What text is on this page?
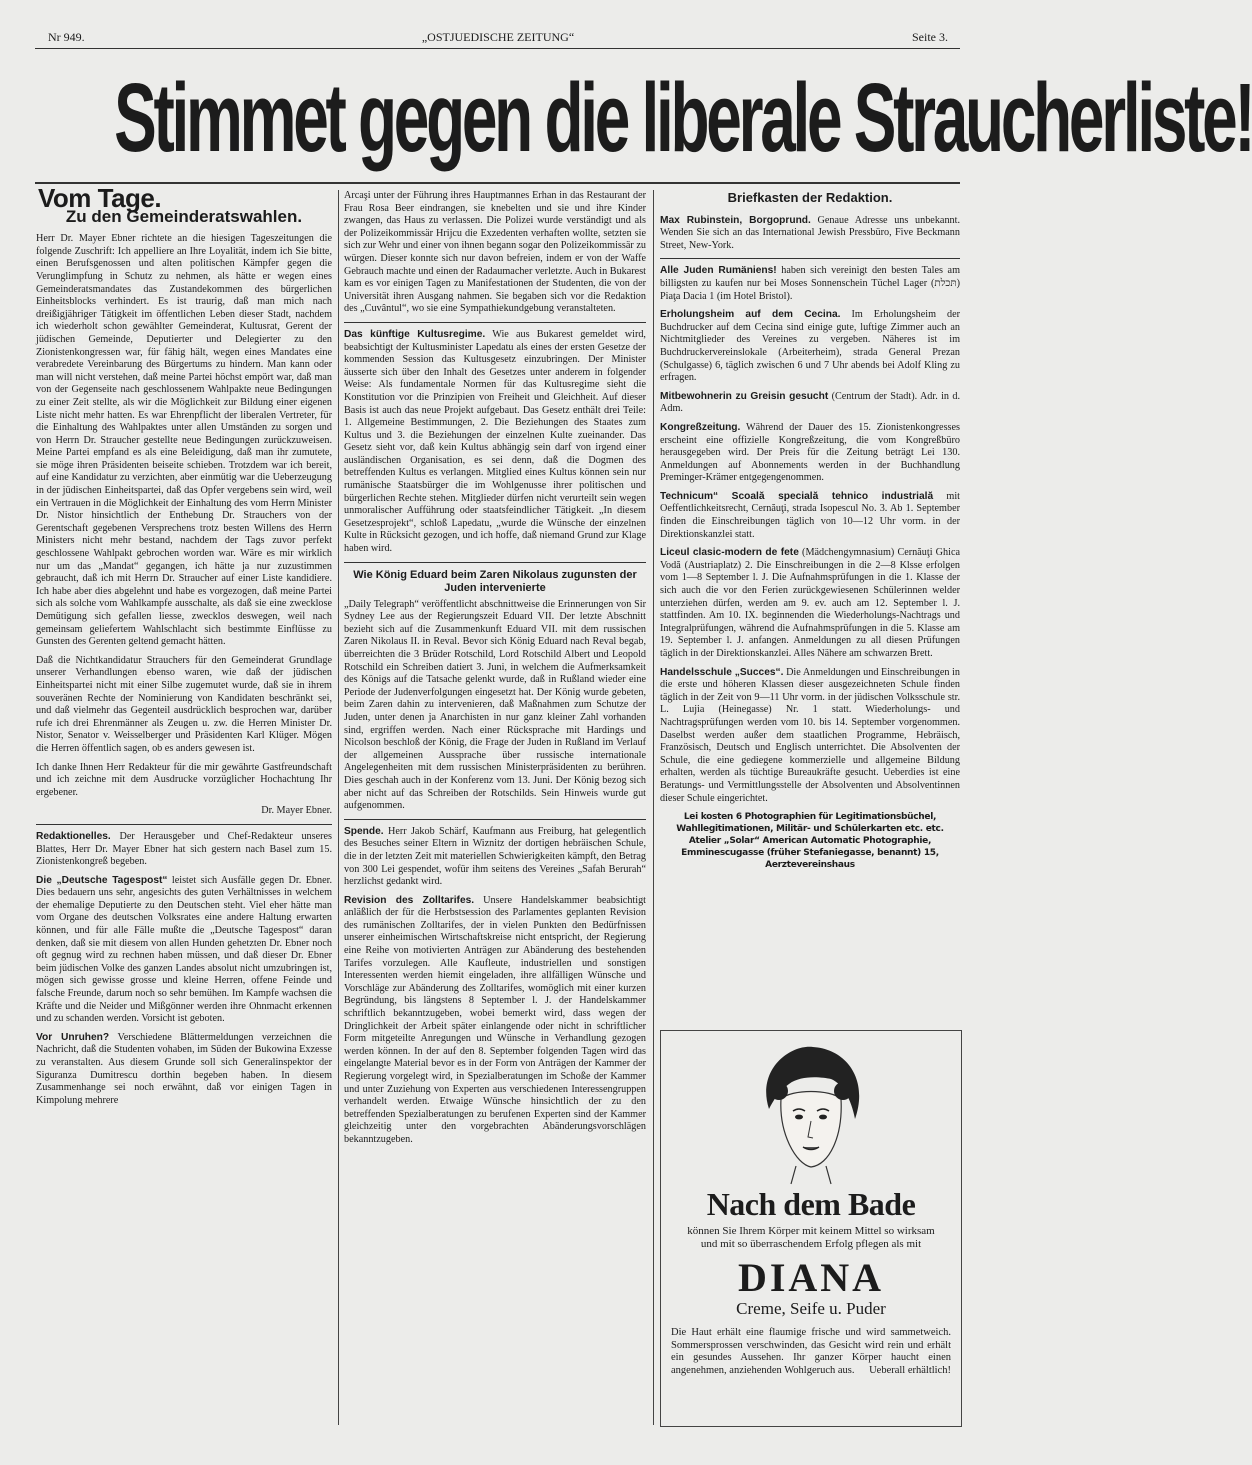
Nr 949.	„OSTJUEDISCHE ZEITUNG“	Seite 3.
Stimmet gegen die liberale Straucherliste!
Vom Tage.
Zu den Gemeinderatswahlen.

Herr Dr. Mayer Ebner richtete an die hiesigen Tageszeitungen die folgende Zuschrift: Ich appelliere an Ihre Loyalität, indem ich Sie bitte, einen Berufsgenossen und alten politischen Kämpfer gegen die Verunglimpfung in Schutz zu nehmen, als hätte er wegen eines Gemeinderatsmandates das Zustandekommen des bürgerlichen Einheitsblocks verhindert. Es ist traurig, daß man mich nach dreißigjähriger Tätigkeit im öffentlichen Leben dieser Stadt, nachdem ich wiederholt schon gewählter Gemeinderat, Kultusrat, Gerent der jüdischen Gemeinde, Deputierter und Delegierter zu den Zionistenkongressen war, für fähig hält, wegen eines Mandates eine verabredete Vereinbarung des Bürgertums zu hindern. Man kann oder man will nicht verstehen, daß meine Partei höchst empört war, daß man von der Gegenseite nach geschlossenem Wahlpakte neue Bedingungen zu einer Zeit stellte, als wir die Möglichkeit zur Bildung einer eigenen Liste nicht mehr hatten. Es war Ehrenpflicht der liberalen Vertreter, für die Einhaltung des Wahlpaktes unter allen Umständen zu sorgen und von Herrn Dr. Straucher gestellte neue Bedingungen zurückzuweisen. Meine Partei empfand es als eine Beleidigung, daß man ihr zumutete, sie möge ihren Präsidenten beiseite schieben. Trotzdem war ich bereit, auf eine Kandidatur zu verzichten, aber einmütig war die Ueberzeugung in der jüdischen Einheitspartei, daß das Opfer vergebens sein wird, weil ein Vertrauen in die Möglichkeit der Einhaltung des vom Herrn Minister Dr. Nistor hinsichtlich der Enthebung Dr. Strauchers von der Gerentschaft gegebenen Versprechens trotz besten Willens des Herrn Ministers nicht mehr bestand, nachdem der Tags zuvor perfekt geschlossene Wahlpakt gebrochen worden war. Wäre es mir wirklich nur um das „Mandat“ gegangen, ich hätte ja nur zuzustimmen gebraucht, daß ich mit Herrn Dr. Straucher auf einer Liste kandidiere. Ich habe aber dies abgelehnt und habe es vorgezogen, daß meine Partei sich als solche vom Wahlkampfe ausschalte, als daß sie eine zwecklose Demütigung sich gefallen liesse, zwecklos deswegen, weil nach gemeinsam geliefertem Wahlschlacht sich bestimmte Einflüsse zu Gunsten des Gerenten geltend gemacht hätten.

Daß die Nichtkandidatur Strauchers für den Gemeinderat Grundlage unserer Verhandlungen ebenso waren, wie daß der jüdischen Einheitspartei nicht mit einer Silbe zugemutet wurde, daß sie in ihrem souveränen Rechte der Nominierung von Kandidaten beschränkt sei, und daß vielmehr das Gegenteil ausdrücklich besprochen war, darüber rufe ich drei Ehrenmänner als Zeugen u. zw. die Herren Minister Dr. Nistor, Senator v. Weisselberger und Präsidenten Karl Klüger. Mögen die Herren öffentlich sagen, ob es anders gewesen ist.

Ich danke Ihnen Herr Redakteur für die mir gewährte Gastfreundschaft und ich zeichne mit dem Ausdrucke vorzüglicher Hochachtung Ihr ergebener.

Dr. Mayer Ebner.

Redaktionelles. Der Herausgeber und Chef-Redakteur unseres Blattes, Herr Dr. Mayer Ebner hat sich gestern nach Basel zum 15. Zionistenkongreß begeben.

Die „Deutsche Tagespost“ leistet sich Ausfälle gegen Dr. Ebner. Dies bedauern uns sehr, angesichts des guten Verhältnisses in welchem der ehemalige Deputierte zu den Deutschen steht. Viel eher hätte man vom Organe des deutschen Volksrates eine andere Haltung erwarten können, und für alle Fälle mußte die „Deutsche Tagespost“ daran denken, daß sie mit diesem von allen Hunden gehetzten Dr. Ebner noch oft gegnug wird zu rechnen haben müssen, und daß dieser Dr. Ebner beim jüdischen Volke des ganzen Landes absolut nicht umzubringen ist, mögen sich gewisse grosse und kleine Herren, offene Feinde und falsche Freunde, darum noch so sehr bemühen. Im Kampfe wachsen die Kräfte und die Neider und Mißgönner werden ihre Ohnmacht erkennen und zu schanden werden. Vorsicht ist geboten.

Vor Unruhen? Verschiedene Blättermeldungen verzeichnen die Nachricht, daß die Studenten vohaben, im Süden der Bukowina Exzesse zu veranstalten. Aus diesem Grunde soll sich Generalinspektor der Siguranza Dumitrescu dorthin begeben haben. In diesem Zusammenhange sei noch erwähnt, daß vor einigen Tagen in Kimpolung mehrere

Arcaşi unter der Führung ihres Hauptmannes Erhan in das Restaurant der Frau Rosa Beer eindrangen, sie knebelten und sie und ihre Kinder zwangen, das Haus zu verlassen. Die Polizei wurde verständigt und als der Polizeikommissär Hrijcu die Exzedenten verhaften wollte, setzten sie sich zur Wehr und einer von ihnen begann sogar den Polizeikommissär zu würgen. Dieser konnte sich nur davon befreien, indem er von der Waffe Gebrauch machte und einen der Radaumacher verletzte. Auch in Bukarest kam es vor einigen Tagen zu Manifestationen der Studenten, die von der Universität ihren Ausgang nahmen. Sie begaben sich vor die Redaktion des „Cuvântul“, wo sie eine Sympathiekundgebung veranstalteten.

Das künftige Kultusregime. Wie aus Bukarest gemeldet wird, beabsichtigt der Kultusminister Lapedatu als eines der ersten Gesetze der kommenden Session das Kultusgesetz einzubringen. Der Minister äusserte sich über den Inhalt des Gesetzes unter anderem in folgender Weise: Als fundamentale Normen für das Kultusregime sieht die Konstitution vor die Prinzipien von Freiheit und Gleichheit. Auf dieser Basis ist auch das neue Projekt aufgebaut. Das Gesetz enthält drei Teile: 1. Allgemeine Bestimmungen, 2. Die Beziehungen des Staates zum Kultus und 3. die Beziehungen der einzelnen Kulte zueinander. Das Gesetz sieht vor, daß kein Kultus abhängig sein darf von irgend einer ausländischen Organisation, es sei denn, daß die Dogmen des betreffenden Kultus es verlangen. Mitglied eines Kultus können sein nur rumänische Staatsbürger die im Wohlgenusse ihrer politischen und bürgerlichen Rechte stehen. Mitglieder dürfen nicht verurteilt sein wegen unmoralischer Aufführung oder staatsfeindlicher Tätigkeit. „In diesem Gesetzesprojekt“, schloß Lapedatu, „wurde die Wünsche der einzelnen Kulte in Rücksicht gezogen, und ich hoffe, daß niemand Grund zur Klage haben wird.

Wie König Eduard beim Zaren Nikolaus zugunsten der Juden intervenierte

„Daily Telegraph“ veröffentlicht abschnittweise die Erinnerungen von Sir Sydney Lee aus der Regierungszeit Eduard VII. Der letzte Abschnitt bezieht sich auf die Zusammenkunft Eduard VII. mit dem russischen Zaren Nikolaus II. in Reval. Bevor sich König Eduard nach Reval begab, überreichten die 3 Brüder Rotschild, Lord Rotschild Albert und Leopold Rotschild ein Schreiben datiert 3. Juni, in welchem die Aufmerksamkeit des Königs auf die Tatsache gelenkt wurde, daß in Rußland wieder eine Periode der Judenverfolgungen eingesetzt hat. Der König wurde gebeten, beim Zaren dahin zu intervenieren, daß Maßnahmen zum Schutze der Juden, unter denen ja Anarchisten in nur ganz kleiner Zahl vorhanden sind, ergriffen werden. Nach einer Rücksprache mit Hardings und Nicolson beschloß der König, die Frage der Juden in Rußland im Verlauf der allgemeinen Aussprache über russische internationale Angelegenheiten mit dem russischen Ministerpräsidenten zu berühren. Dies geschah auch in der Konferenz vom 13. Juni. Der König bezog sich aber nicht auf das Schreiben der Rotschilds. Sein Hinweis wurde gut aufgenommen.

Spende. Herr Jakob Schärf, Kaufmann aus Freiburg, hat gelegentlich des Besuches seiner Eltern in Wiznitz der dortigen hebräischen Schule, die in der letzten Zeit mit materiellen Schwierigkeiten kämpft, den Betrag von 300 Lei gespendet, wofür ihm seitens des Vereines „Safah Berurah“ herzlichst gedankt wird.

Revision des Zolltarifes. Unsere Handelskammer beabsichtigt anläßlich der für die Herbstsession des Parlamentes geplanten Revision des rumänischen Zolltarifes, der in vielen Punkten den Bedürfnissen unserer einheimischen Wirtschaftskreise nicht entspricht, der Regierung eine Reihe von motivierten Anträgen zur Abänderung des bestehenden Tarifes vorzulegen. Alle Kaufleute, industriellen und sonstigen Interessenten werden hiemit eingeladen, ihre allfälligen Wünsche und Vorschläge zur Abänderung des Zolltarifes, womöglich mit einer kurzen Begründung, bis längstens 8 September l. J. der Handelskammer schriftlich bekanntzugeben, wobei bemerkt wird, dass wegen der Dringlichkeit der Arbeit später einlangende oder nicht in schriftlicher Form mitgeteilte Anregungen und Wünsche in Verhandlung gezogen werden können. In der auf den 8. September folgenden Tagen wird das eingelangte Material bevor es in der Form von Anträgen der Kammer der Regierung vorgelegt wird, in Spezialberatungen im Schoße der Kammer und unter Zuziehung von Experten aus verschiedenen Interessengruppen verhandelt werden. Etwaige Wünsche hinsichtlich der zu den betreffenden Spezialberatungen zu berufenen Experten sind der Kammer gleichzeitig unter den vorgebrachten Abänderungsvorschlägen bekanntzugeben.

Briefkasten der Redaktion.

Max Rubinstein, Borgoprund. Genaue Adresse uns unbekannt. Wenden Sie sich an das International Jewish Pressbüro, Five Beckmann Street, New-York.

Alle Juden Rumäniens! haben sich vereinigt den besten Tales am billigsten zu kaufen nur bei Moses Sonnenschein Tüchel Lager (תּכלת) Piaţa Dacia 1 (im Hotel Bristol).

Erholungsheim auf dem Cecina. Im Erholungsheim der Buchdrucker auf dem Cecina sind einige gute, luftige Zimmer auch an Nichtmitglieder des Vereines zu vergeben. Näheres ist im Buchdruckervereinslokale (Arbeiterheim), strada General Prezan (Schulgasse) 6, täglich zwischen 6 und 7 Uhr abends bei Adolf Kling zu erfragen.

Mitbewohnerin zu Greisin gesucht (Centrum der Stadt). Adr. in d. Adm.

Kongreßzeitung. Während der Dauer des 15. Zionistenkongresses erscheint eine offizielle Kongreßzeitung, die vom Kongreßbüro herausgegeben wird. Der Preis für die Zeitung beträgt Lei 130. Anmeldungen auf Abonnements werden in der Buchhandlung Preminger-Krämer entgegengenommen.

Technicum“ Scoală specială tehnico industrială mit Oeffentlichkeitsrecht, Cernăuţi, strada Isopescul No. 3. Ab 1. September finden die Einschreibungen täglich von 10—12 Uhr vorm. in der Direktionskanzlei statt.

Liceul clasic-modern de fete (Mädchengymnasium) Cernăuţi Ghica Vodă (Austriaplatz) 2. Die Einschreibungen in die 2—8 Klsse erfolgen vom 1—8 September l. J. Die Aufnahmsprüfungen in die 1. Klasse der sich auch die vor den Ferien zurückgewiesenen Schülerinnen welder unterziehen dürfen, werden am 9. ev. auch am 12. September l. J. stattfinden. Am 10. IX. beginnenden die Wiederholungs-Nachtrags und Integralprüfungen, während die Aufnahmsprüfungen in die 5. Klasse am 19. September l. J. anfangen. Anmeldungen zu all diesen Prüfungen täglich in der Direktionskanzlei. Alles Nähere am schwarzen Brett.

Handelsschule „Succes“. Die Anmeldungen und Einschreibungen in die erste und höheren Klassen dieser ausgezeichneten Schule finden täglich in der Zeit von 9—11 Uhr vorm. in der jüdischen Volksschule str. L. Lujia (Heinegasse) Nr. 1 statt. Wiederholungs- und Nachtragsprüfungen werden vom 10. bis 14. September vorgenommen. Daselbst werden außer dem staatlichen Programme, Hebräisch, Französisch, Deutsch und Englisch unterrichtet. Die Absolventen der Schule, die eine gediegene kommerzielle und allgemeine Bildung erhalten, werden als tüchtige Bureaukräfte gesucht. Ueberdies ist eine Beratungs- und Vermittlungsstelle der Absolventen und Absolventinnen dieser Schule eingerichtet.

Lei kosten 6 Photographien für Legitimationsbüchel, Wahllegitimationen, Militär- und Schülerkarten etc. etc. Atelier „Solar“ American Automatic Photographie, Emminescugasse (früher Stefaniegasse, benannt) 15, Aerztevereinshaus

Nach dem Bade
können Sie Ihrem Körper mit keinem Mittel so wirksam und mit so überraschendem Erfolg pflegen als mit
DIANA
Creme, Seife u. Puder
Die Haut erhält eine flaumige frische und wird sammetweich. Sommersprossen verschwinden, das Gesicht wird rein und erhält ein gesundes Aussehen. Ihr ganzer Körper haucht einen angenehmen, anziehenden Wohlgeruch aus. Ueberall erhältlich!
